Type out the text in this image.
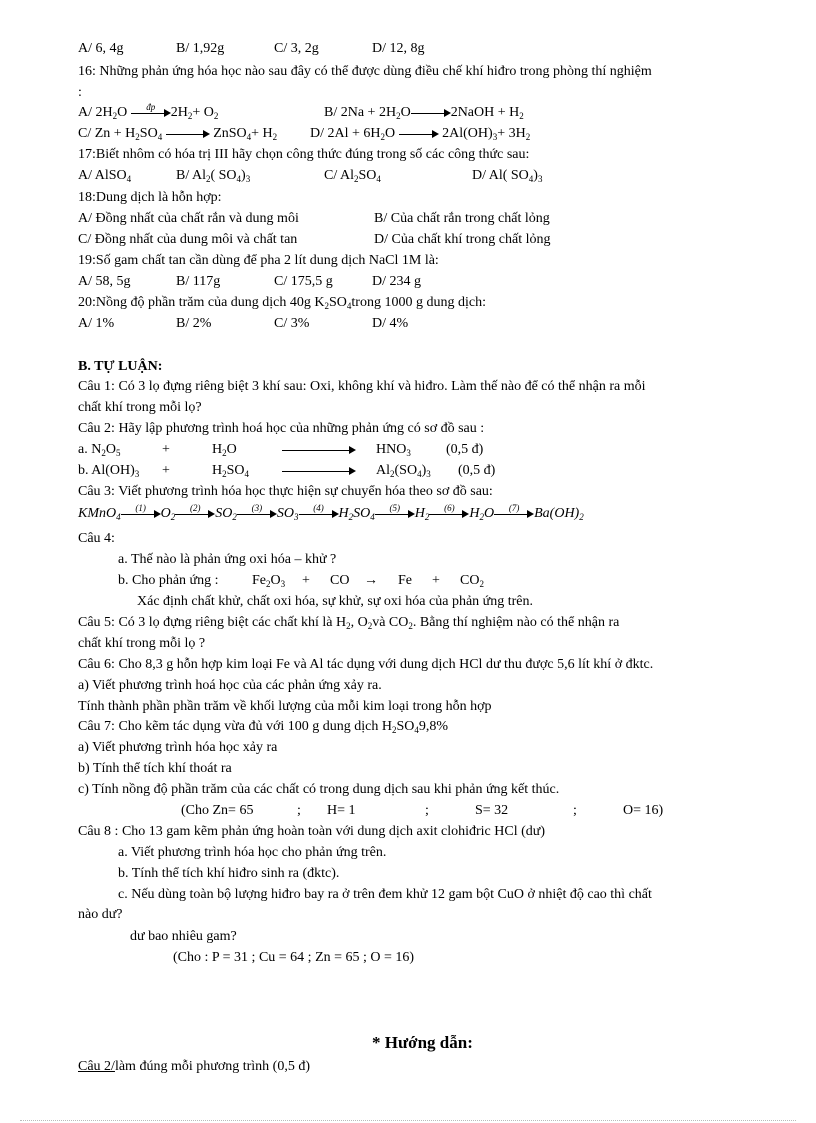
A/ 6, 4g	B/ 1,92g	C/ 3, 2g	D/ 12, 8g
16: Những phản ứng hóa học nào sau đây có thể được dùng điều chế khí hiđro trong phòng thí nghiệm
:
A/ $2H_2O$	đp	$2H_2+ O_2$	B/ $2Na + 2H_2O$	2NaOH + $H_2$
C/ $Zn + H_2SO_4$	ZnSO$_4$+ $H_2$ D/ $2Al + 6H_2O$	$2Al(OH)_3+ 3H_2$
17:Biết nhôm có hóa trị III hãy chọn công thức đúng trong số các công thức sau:
A/ AlSO$_4$	B/ $Al_2$( $SO_4)_3$	C/ $Al_2SO_4$	D/ Al( $SO_4)_3$
18:Dung dịch là hỗn hợp:
A/ Đồng nhất của chất rắn và dung môi	B/ Của chất rắn trong chất lỏng
C/ Đồng nhất của dung môi và chất tan	D/ Của chất khí trong chất lỏng
19:Số gam chất tan cần dùng để pha 2 lít dung dịch NaCl 1M là:
A/ 58, 5g	B/ 117g	C/ 175,5 g	D/ 234 g
20:Nồng độ phần trăm của dung dịch 40g $K_2SO_4trong$ 1000 g dung dịch:
A/ 1%	B/ 2%	C/ 3%	D/ 4%
B. TỰ LUẬN:
Câu 1: Có 3 lọ đựng riêng biệt 3 khí sau: Oxi, không khí và hiđro. Làm thế nào để có thể nhận ra mỗi
chất khí trong mỗi lọ?
Câu 2: Hãy lập phương trình hoá học của những phản ứng có sơ đồ sau :
a. $N_2O_5$	+	$H_2O$	$HNO_3$	(0,5 đ)
b. $Al(OH)_3$ +	$H_2SO_4$	$Al_2(SO_4)_3$ (0,5 đ)
Câu 3: Viết phương trình hóa học thực hiện sự chuyển hóa theo sơ đồ sau:
KMnO$_4$
(1)	$O_2$
(2)	$SO_2$
(3)	$SO_3$
(4)	$H_2SO_4$
(5)	$H_2$
(6)	$H_2O$	(7)	$Ba(OH)_2$
Câu 4:
a. Thế nào là phản ứng oxi hóa – khử ?
b. Cho phản ứng : $Fe_2O_3$ + CO → $Fe + CO_2$
Xác định chất khử, chất oxi hóa, sự khử, sự oxi hóa của phản ứng trên.
Câu 5: Có 3 lọ đựng riêng biệt các chất khí là $H_2$, $O_2và$ $CO_2$. Bằng thí nghiệm nào có thể nhận ra
chất khí trong mỗi lọ ?
Câu 6: Cho 8,3 g hỗn hợp kim loại Fe và Al tác dụng với dung dịch HCl dư thu được 5,6 lít khí ở đktc.
a) Viết phương trình hoá học của các phản ứng xảy ra.
Tính thành phần phần trăm về khối lượng của mỗi kim loại trong hỗn hợp
Câu 7: Cho kẽm tác dụng vừa đủ với 100 g dung dịch $H_2SO_49,8\%$
a) Viết phương trình hóa học xảy ra
b) Tính thể tích khí thoát ra
c) Tính nồng độ phần trăm của các chất có trong dung dịch sau khi phản ứng kết thúc.
(Cho Zn= 65	; H= 1	;	S= 32	;	O= 16)
Câu 8 : Cho 13 gam kẽm phản ứng hoàn toàn với dung dịch axit clohiđric HCl (dư)
a. Viết phương trình hóa học cho phản ứng trên.
b. Tính thể tích khí hiđro sinh ra (đktc).
c. Nếu dùng toàn bộ lượng hiđro bay ra ở trên đem khử 12 gam bột CuO ở nhiệt độ cao thì chất
nào dư?
dư bao nhiêu gam?
(Cho : P = 31 ; Cu = 64 ; Zn = 65 ; O = 16)
* Hướng dẫn:
Câu 2/làm đúng mỗi phương trình (0,5 đ)
